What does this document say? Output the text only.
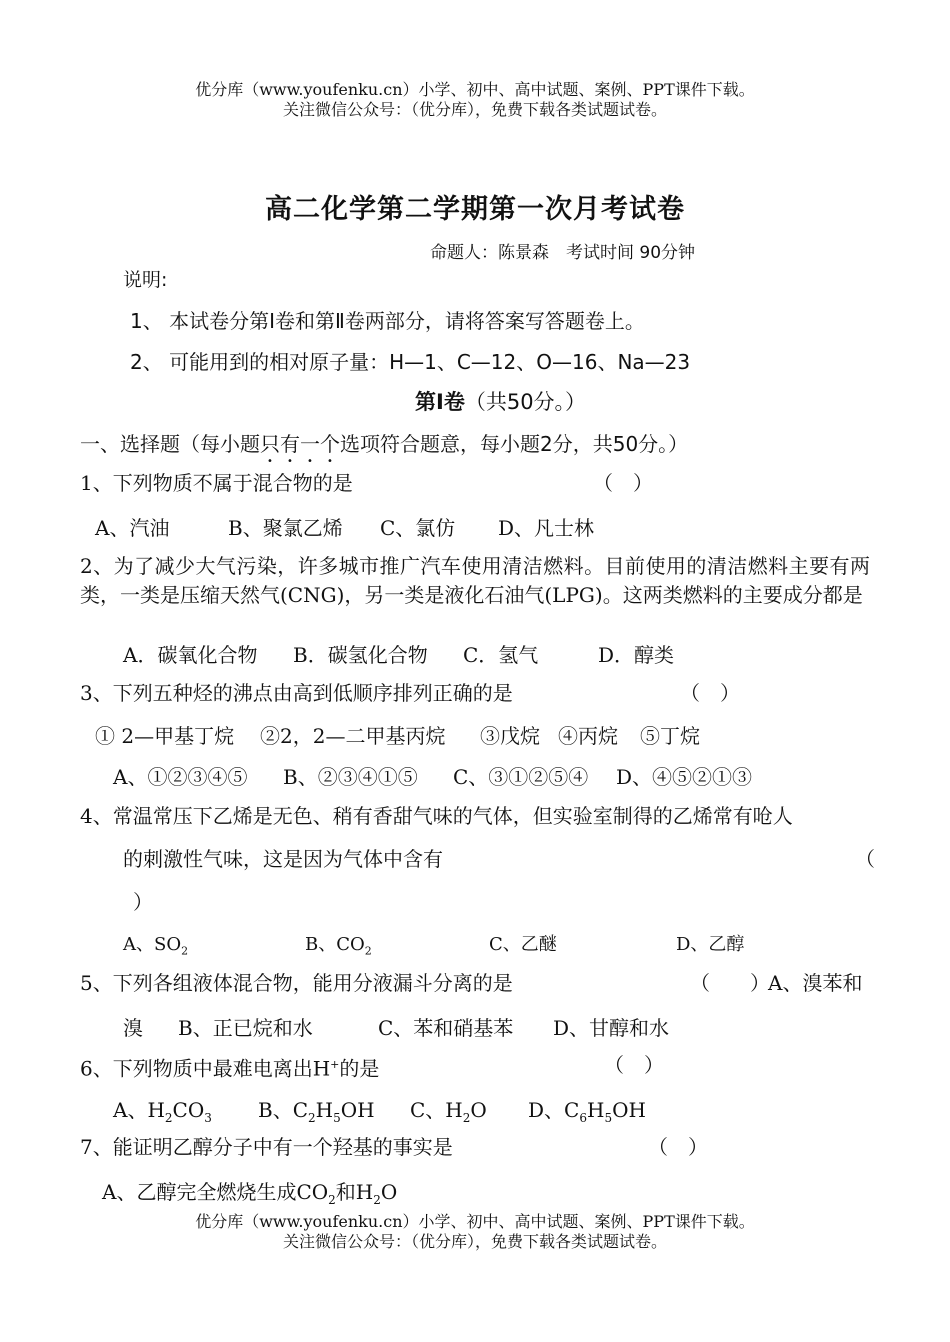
优分库（www.youfenku.cn）小学、初中、高中试题、案例、PPT课件下载。
关注微信公众号：（优分库），免费下载各类试题试卷。
高二化学第二学期第一次月考试卷
命题人：陈景森　考试时间 90分钟
说明:
1、 本试卷分第Ⅰ卷和第Ⅱ卷两部分，请将答案写答题卷上。
2、 可能用到的相对原子量：H—1、C—12、O—16、Na—23
第Ⅰ卷（共50分。）
一、选择题（每小题只有一个选项符合题意，每小题2分，共50分。）
1、下列物质不属于混合物的是	（　）
A、汽油	B、聚氯乙烯 C、氯仿 D、凡士林
2、为了减少大气污染，许多城市推广汽车使用清洁燃料。目前使用的清洁燃料主要有两类，一类是压缩天然气(CNG)，另一类是液化石油气(LPG)。这两类燃料的主要成分都是
A．碳氧化合物 B．碳氢化合物 C．氢气	D．醇类
3、下列五种烃的沸点由高到低顺序排列正确的是	（　）
① 2—甲基丁烷 ②2，2—二甲基丙烷 ③戊烷 ④丙烷 ⑤丁烷
A、①②③④⑤ B、②③④①⑤ C、③①②⑤④ D、④⑤②①③
4、常温常压下乙烯是无色、稍有香甜气味的气体，但实验室制得的乙烯常有呛人
的刺激性气味，这是因为气体中含有	（
）
A、$SO_2$	B、$CO_2$	C、乙醚	D、乙醇
5、下列各组液体混合物，能用分液漏斗分离的是	（　　）
A、溴苯和
溴 B、正已烷和水	C、苯和硝基苯 D、甘醇和水
6、下列物质中最难电离出H+的是	（　）
A、$H_2CO_3$ B、$C_2H_5OH$ C、$H_2O$ D、$C_6H_5OH$
7、能证明乙醇分子中有一个羟基的事实是	（　）
A、乙醇完全燃烧生成$CO_2$和$H_2O$
优分库（www.youfenku.cn）小学、初中、高中试题、案例、PPT课件下载。
关注微信公众号：（优分库），免费下载各类试题试卷。
